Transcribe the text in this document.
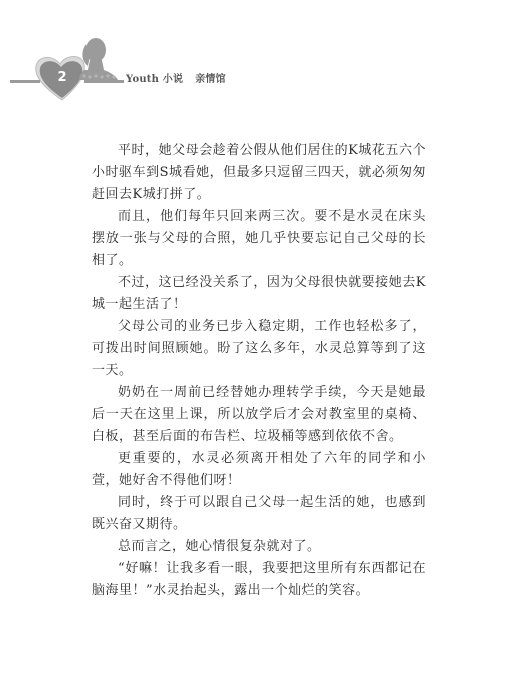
2	Youth 小说 亲情馆

平时，她父母会趁着公假从他们居住的K城花五六个小时驱车到S城看她，但最多只逗留三四天，就必须匆匆赶回去K城打拼了。

而且，他们每年只回来两三次。要不是水灵在床头摆放一张与父母的合照，她几乎快要忘记自己父母的长相了。

不过，这已经没关系了，因为父母很快就要接她去K城一起生活了！

父母公司的业务已步入稳定期，工作也轻松多了，可拨出时间照顾她。盼了这么多年，水灵总算等到了这一天。

奶奶在一周前已经替她办理转学手续，今天是她最后一天在这里上课，所以放学后才会对教室里的桌椅、白板，甚至后面的布告栏、垃圾桶等感到依依不舍。

更重要的，水灵必须离开相处了六年的同学和小萱，她好舍不得他们呀！

同时，终于可以跟自己父母一起生活的她，也感到既兴奋又期待。

总而言之，她心情很复杂就对了。

“好嘛！让我多看一眼，我要把这里所有东西都记在脑海里！”水灵抬起头，露出一个灿烂的笑容。
